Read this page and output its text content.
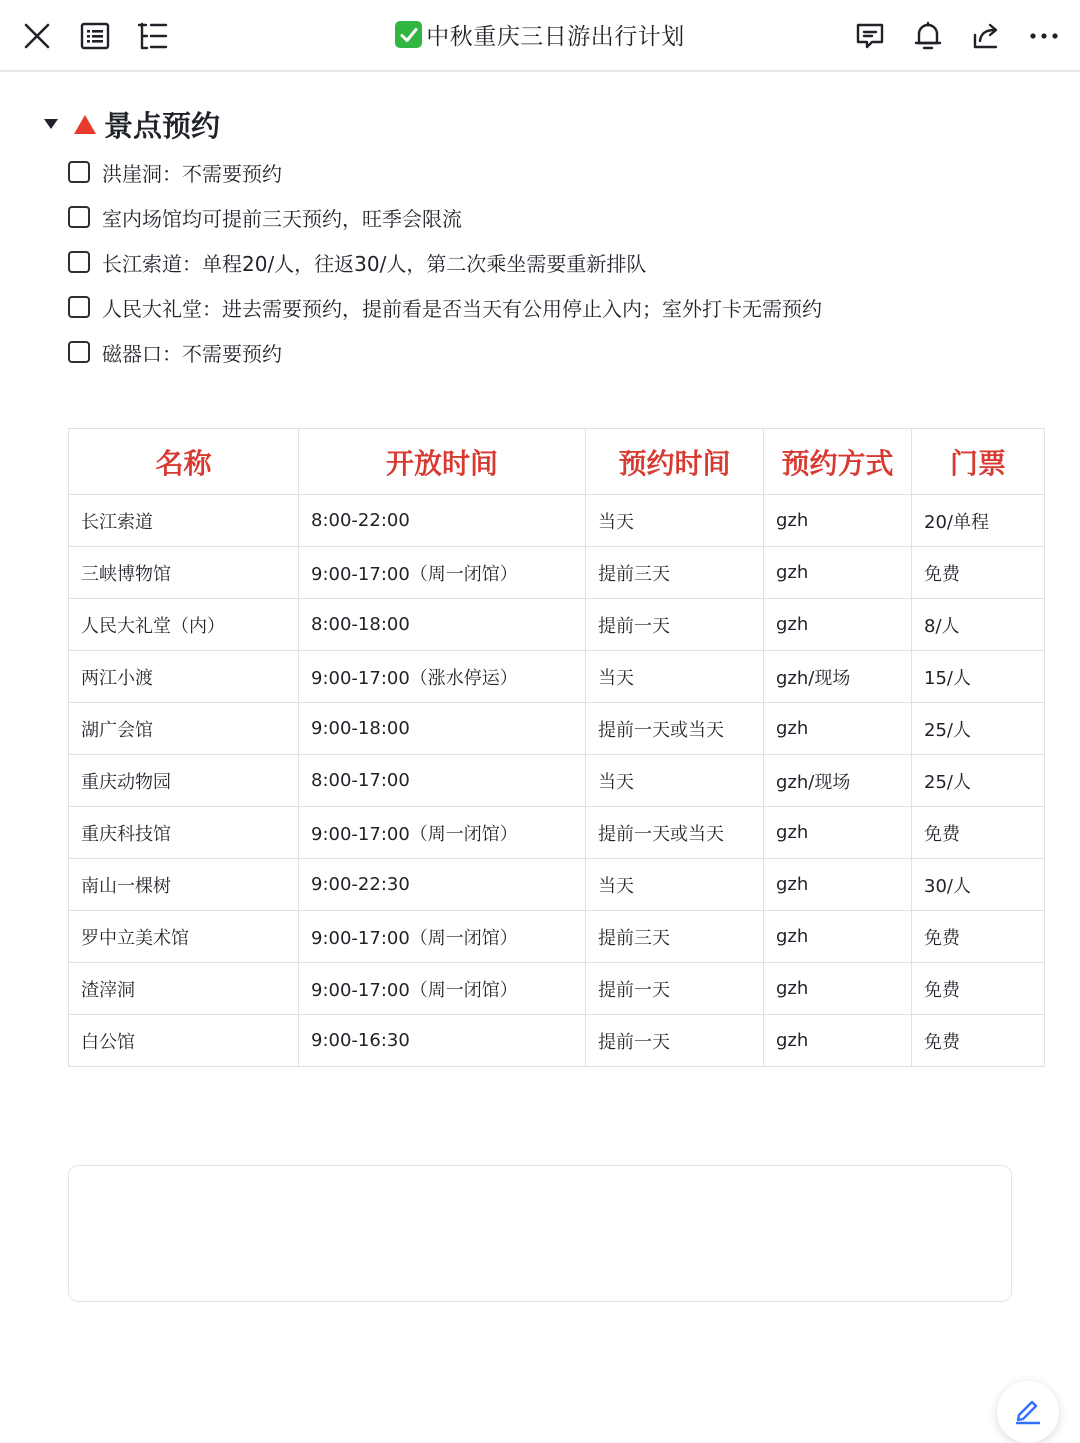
中秋重庆三日游出行计划
景点预约
洪崖洞：不需要预约
室内场馆均可提前三天预约，旺季会限流
长江索道：单程20/人，往返30/人，第二次乘坐需要重新排队
人民大礼堂：进去需要预约，提前看是否当天有公用停止入内；室外打卡无需预约
磁器口：不需要预约
名称	开放时间	预约时间	预约方式	门票
长江索道	8:00-22:00	当天	gzh	20/单程
三峡博物馆	9:00-17:00（周一闭馆）	提前三天	gzh	免费
人民大礼堂（内）	8:00-18:00	提前一天	gzh	8/人
两江小渡	9:00-17:00（涨水停运）	当天	gzh/现场	15/人
湖广会馆	9:00-18:00	提前一天或当天	gzh	25/人
重庆动物园	8:00-17:00	当天	gzh/现场	25/人
重庆科技馆	9:00-17:00（周一闭馆）	提前一天或当天	gzh	免费
南山一棵树	9:00-22:30	当天	gzh	30/人
罗中立美术馆	9:00-17:00（周一闭馆）	提前三天	gzh	免费
渣滓洞	9:00-17:00（周一闭馆）	提前一天	gzh	免费
白公馆	9:00-16:30	提前一天	gzh	免费
